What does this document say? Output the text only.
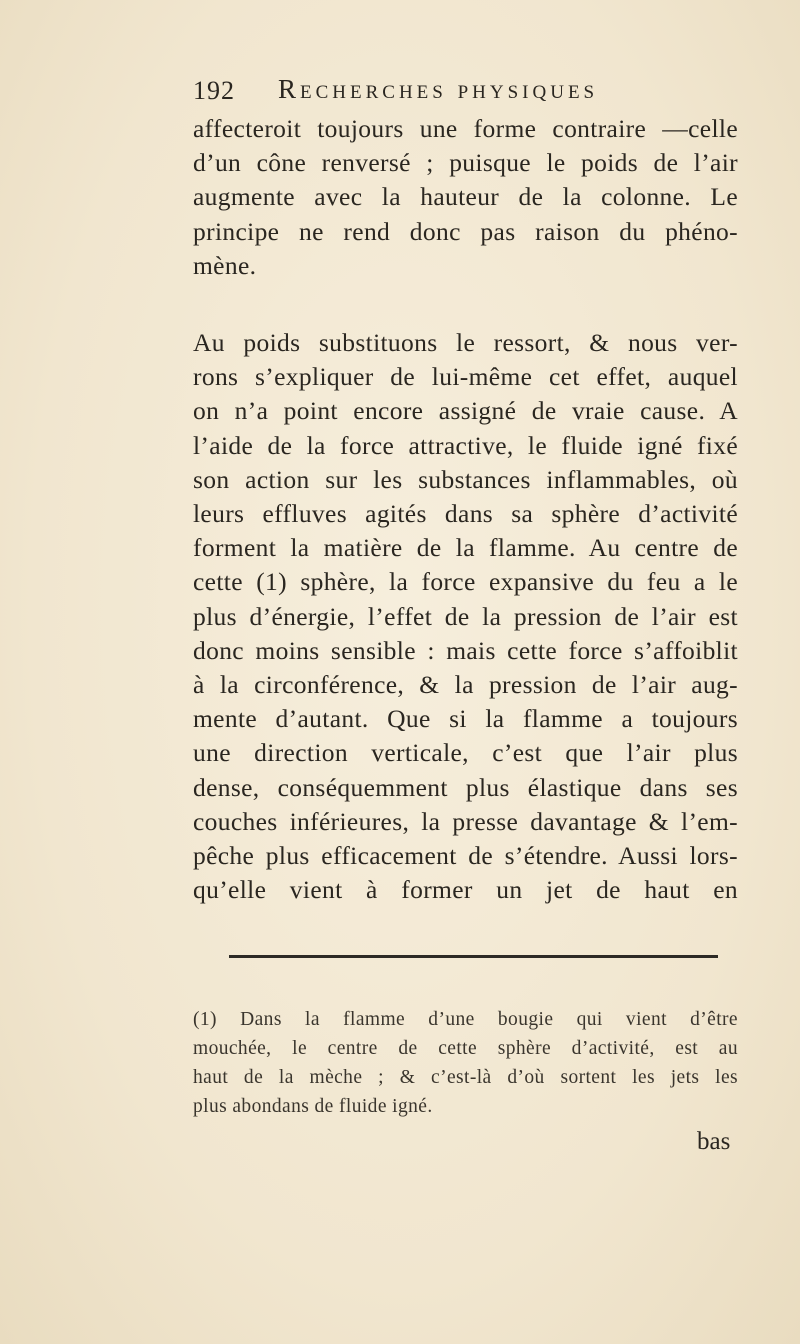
192 Recherches physiques
affecteroit toujours une forme contraire —celle
d’un cône renversé ; puisque le poids de l’air
augmente avec la hauteur de la colonne. Le
principe ne rend donc pas raison du phéno-
mène.
Au poids substituons le ressort, & nous ver-
rons s’expliquer de lui-même cet effet, auquel
on n’a point encore assigné de vraie cause. A
l’aide de la force attractive, le fluide igné fixé
son action sur les substances inflammables, où
leurs effluves agités dans sa sphère d’activité
forment la matière de la flamme. Au centre de
cette (1) sphère, la force expansive du feu a le
plus d’énergie, l’effet de la pression de l’air est
donc moins sensible : mais cette force s’affoiblit
à la circonférence, & la pression de l’air aug-
mente d’autant. Que si la flamme a toujours
une direction verticale, c’est que l’air plus
dense, conséquemment plus élastique dans ses
couches inférieures, la presse davantage & l’em-
pêche plus efficacement de s’étendre. Aussi lors-
qu’elle vient à former un jet de haut en
(1) Dans la flamme d’une bougie qui vient d’être
mouchée, le centre de cette sphère d’activité, est au
haut de la mèche ; & c’est-là d’où sortent les jets les
plus abondans de fluide igné.
bas
